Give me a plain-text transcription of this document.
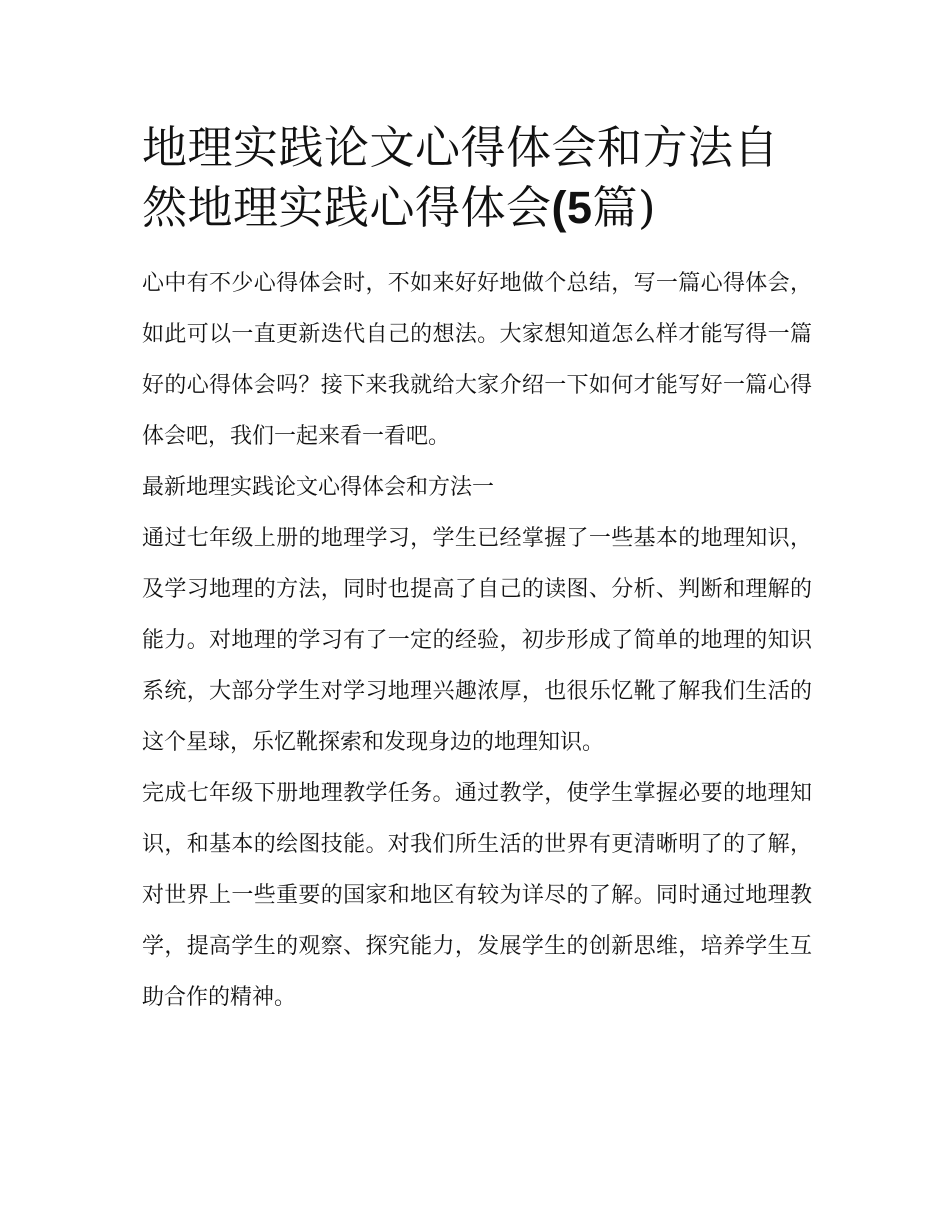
地理实践论文心得体会和方法自然地理实践心得体会(5篇)

心中有不少心得体会时，不如来好好地做个总结，写一篇心得体会，如此可以一直更新迭代自己的想法。大家想知道怎么样才能写得一篇好的心得体会吗？接下来我就给大家介绍一下如何才能写好一篇心得体会吧，我们一起来看一看吧。

最新地理实践论文心得体会和方法一

通过七年级上册的地理学习，学生已经掌握了一些基本的地理知识，及学习地理的方法，同时也提高了自己的读图、分析、判断和理解的能力。对地理的学习有了一定的经验，初步形成了简单的地理的知识系统，大部分学生对学习地理兴趣浓厚，也很乐忆靴了解我们生活的这个星球，乐忆靴探索和发现身边的地理知识。

完成七年级下册地理教学任务。通过教学，使学生掌握必要的地理知识，和基本的绘图技能。对我们所生活的世界有更清晰明了的了解，对世界上一些重要的国家和地区有较为详尽的了解。同时通过地理教学，提高学生的观察、探究能力，发展学生的创新思维，培养学生互助合作的精神。
